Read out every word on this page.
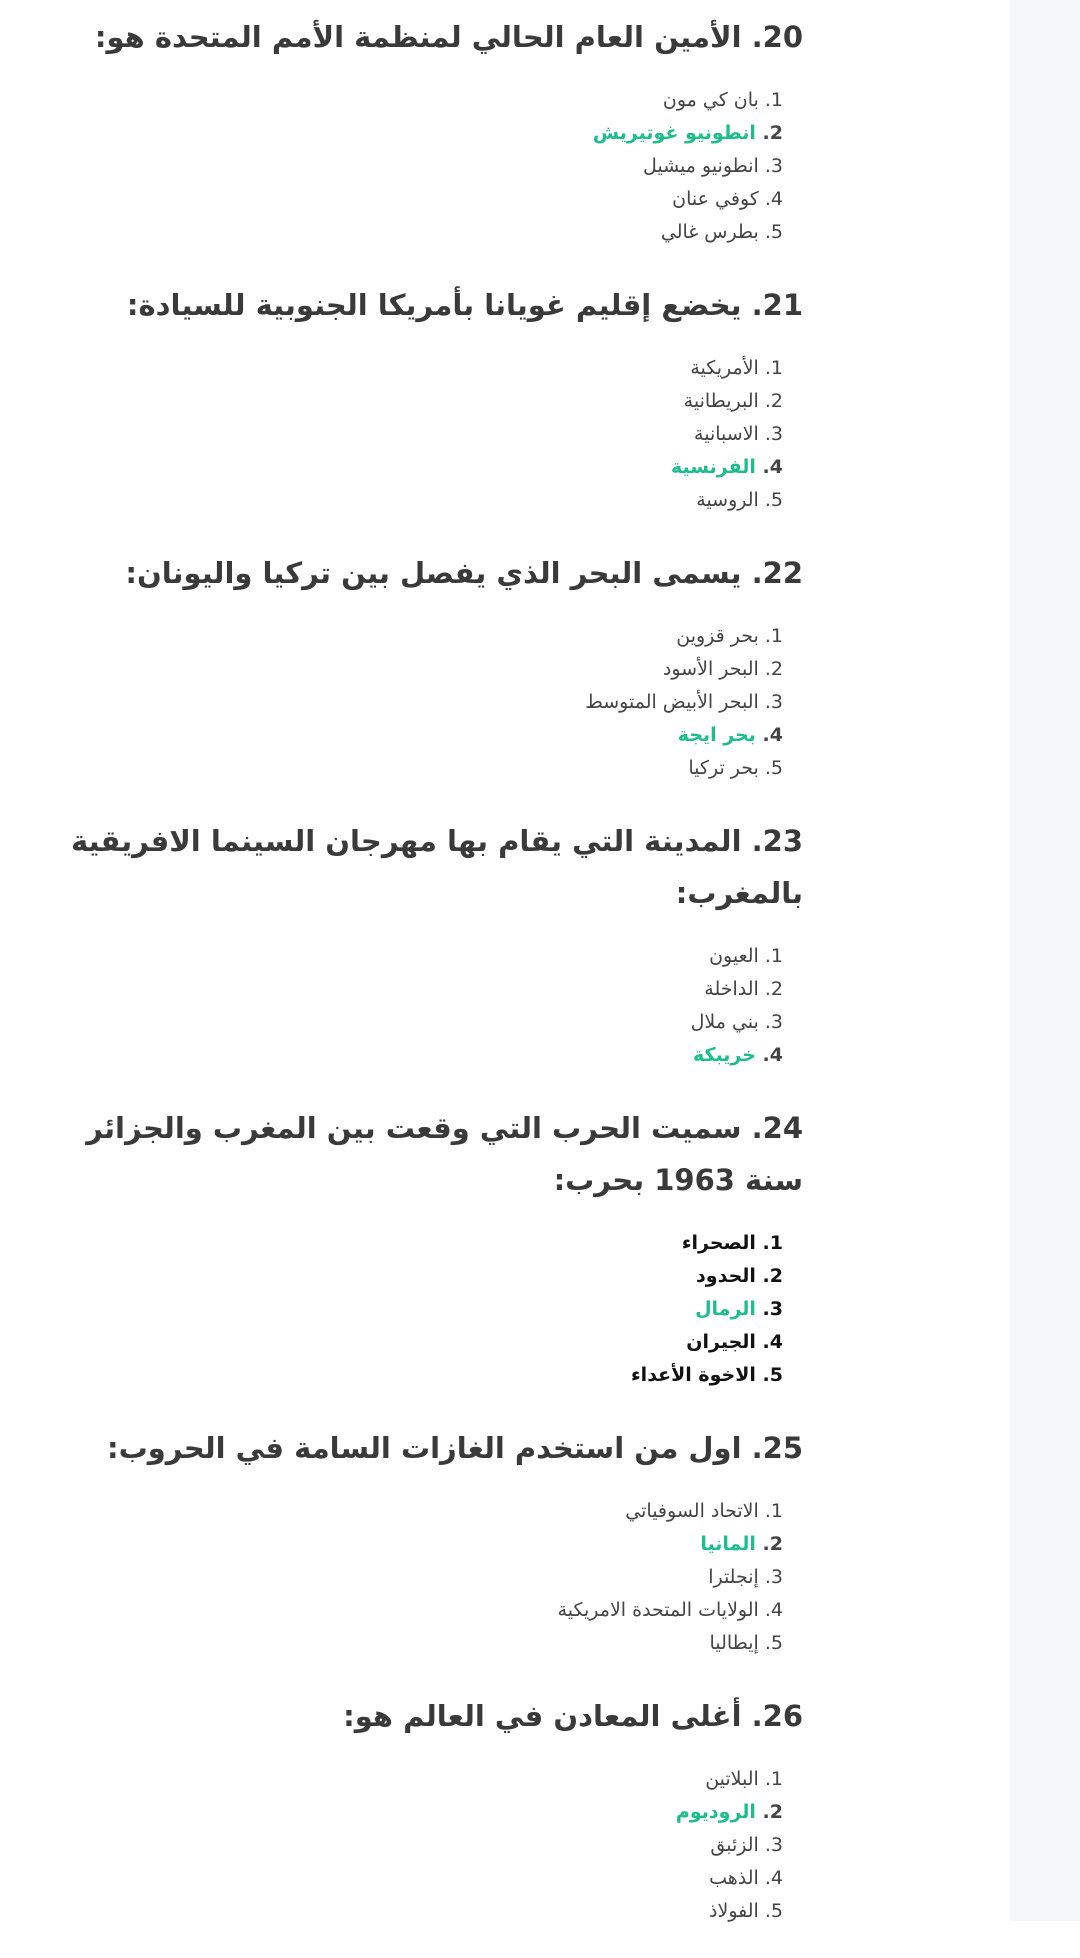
20. الأمين العام الحالي لمنظمة الأمم المتحدة هو:
1. بان كي مون
2. انطونيو غوتيريش
3. انطونيو ميشيل
4. كوفي عنان
5. بطرس غالي
21. يخضع إقليم غويانا بأمريكا الجنوبية للسيادة:
1. الأمريكية
2. البريطانية
3. الاسبانية
4. الفرنسية
5. الروسية
22. يسمى البحر الذي يفصل بين تركيا واليونان:
1. بحر قزوين
2. البحر الأسود
3. البحر الأبيض المتوسط
4. بحر ايجة
5. بحر تركيا
23. المدينة التي يقام بها مهرجان السينما الافريقية بالمغرب:
1. العيون
2. الداخلة
3. بني ملال
4. خريبكة
24. سميت الحرب التي وقعت بين المغرب والجزائر سنة 1963 بحرب:
1. الصحراء
2. الحدود
3. الرمال
4. الجيران
5. الاخوة الأعداء
25. اول من استخدم الغازات السامة في الحروب:
1. الاتحاد السوفياتي
2. المانيا
3. إنجلترا
4. الولايات المتحدة الامريكية
5. إيطاليا
26. أغلى المعادن في العالم هو:
1. البلاتين
2. الروديوم
3. الزئبق
4. الذهب
5. الفولاذ
